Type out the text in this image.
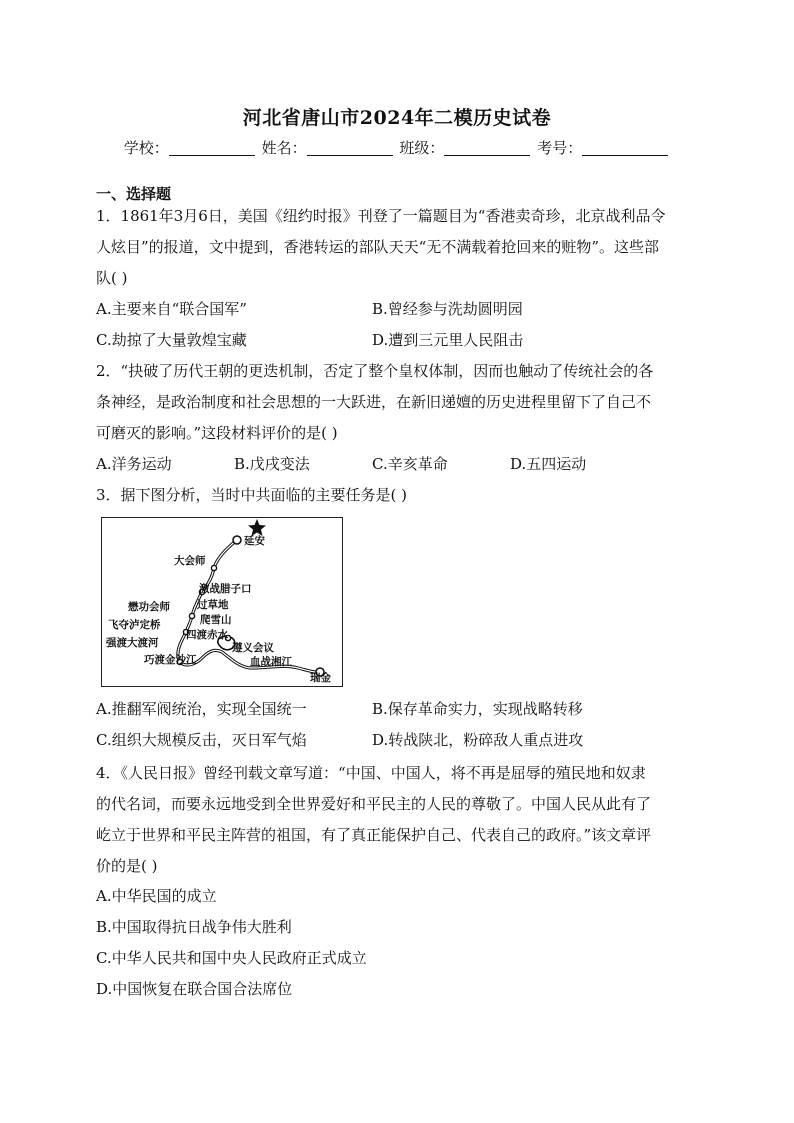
河北省唐山市2024年二模历史试卷
学校：	姓名：	班级：	考号：
一、选择题
1．1861年3月6日，美国《纽约时报》刊登了一篇题目为“香港卖奇珍，北京战利品令
人炫目”的报道，文中提到，香港转运的部队天天“无不满载着抢回来的赃物”。这些部
队( )
A.主要来自“联合国军”	B.曾经参与洗劫圆明园
C.劫掠了大量敦煌宝藏	D.遭到三元里人民阻击
2．“抉破了历代王朝的更迭机制，否定了整个皇权体制，因而也触动了传统社会的各
条神经，是政治制度和社会思想的一大跃进，在新旧递嬗的历史进程里留下了自己不
可磨灭的影响。”这段材料评价的是( )
A.洋务运动	B.戊戌变法	C.辛亥革命	D.五四运动
3．据下图分析，当时中共面临的主要任务是( )
延安
大会师
激战腊子口
过草地
懋功会师
爬雪山
飞夺泸定桥
四渡赤水
强渡大渡河	遵义会议
巧渡金沙江	血战湘江
瑞金
A.推翻军阀统治，实现全国统一	B.保存革命实力，实现战略转移
C.组织大规模反击，灭日军气焰	D.转战陕北，粉碎敌人重点进攻
4．《人民日报》曾经刊载文章写道：“中国、中国人，将不再是屈辱的殖民地和奴隶
的代名词，而要永远地受到全世界爱好和平民主的人民的尊敬了。中国人民从此有了
屹立于世界和平民主阵营的祖国，有了真正能保护自己、代表自己的政府。”该文章评
价的是( )
A.中华民国的成立
B.中国取得抗日战争伟大胜利
C.中华人民共和国中央人民政府正式成立
D.中国恢复在联合国合法席位
